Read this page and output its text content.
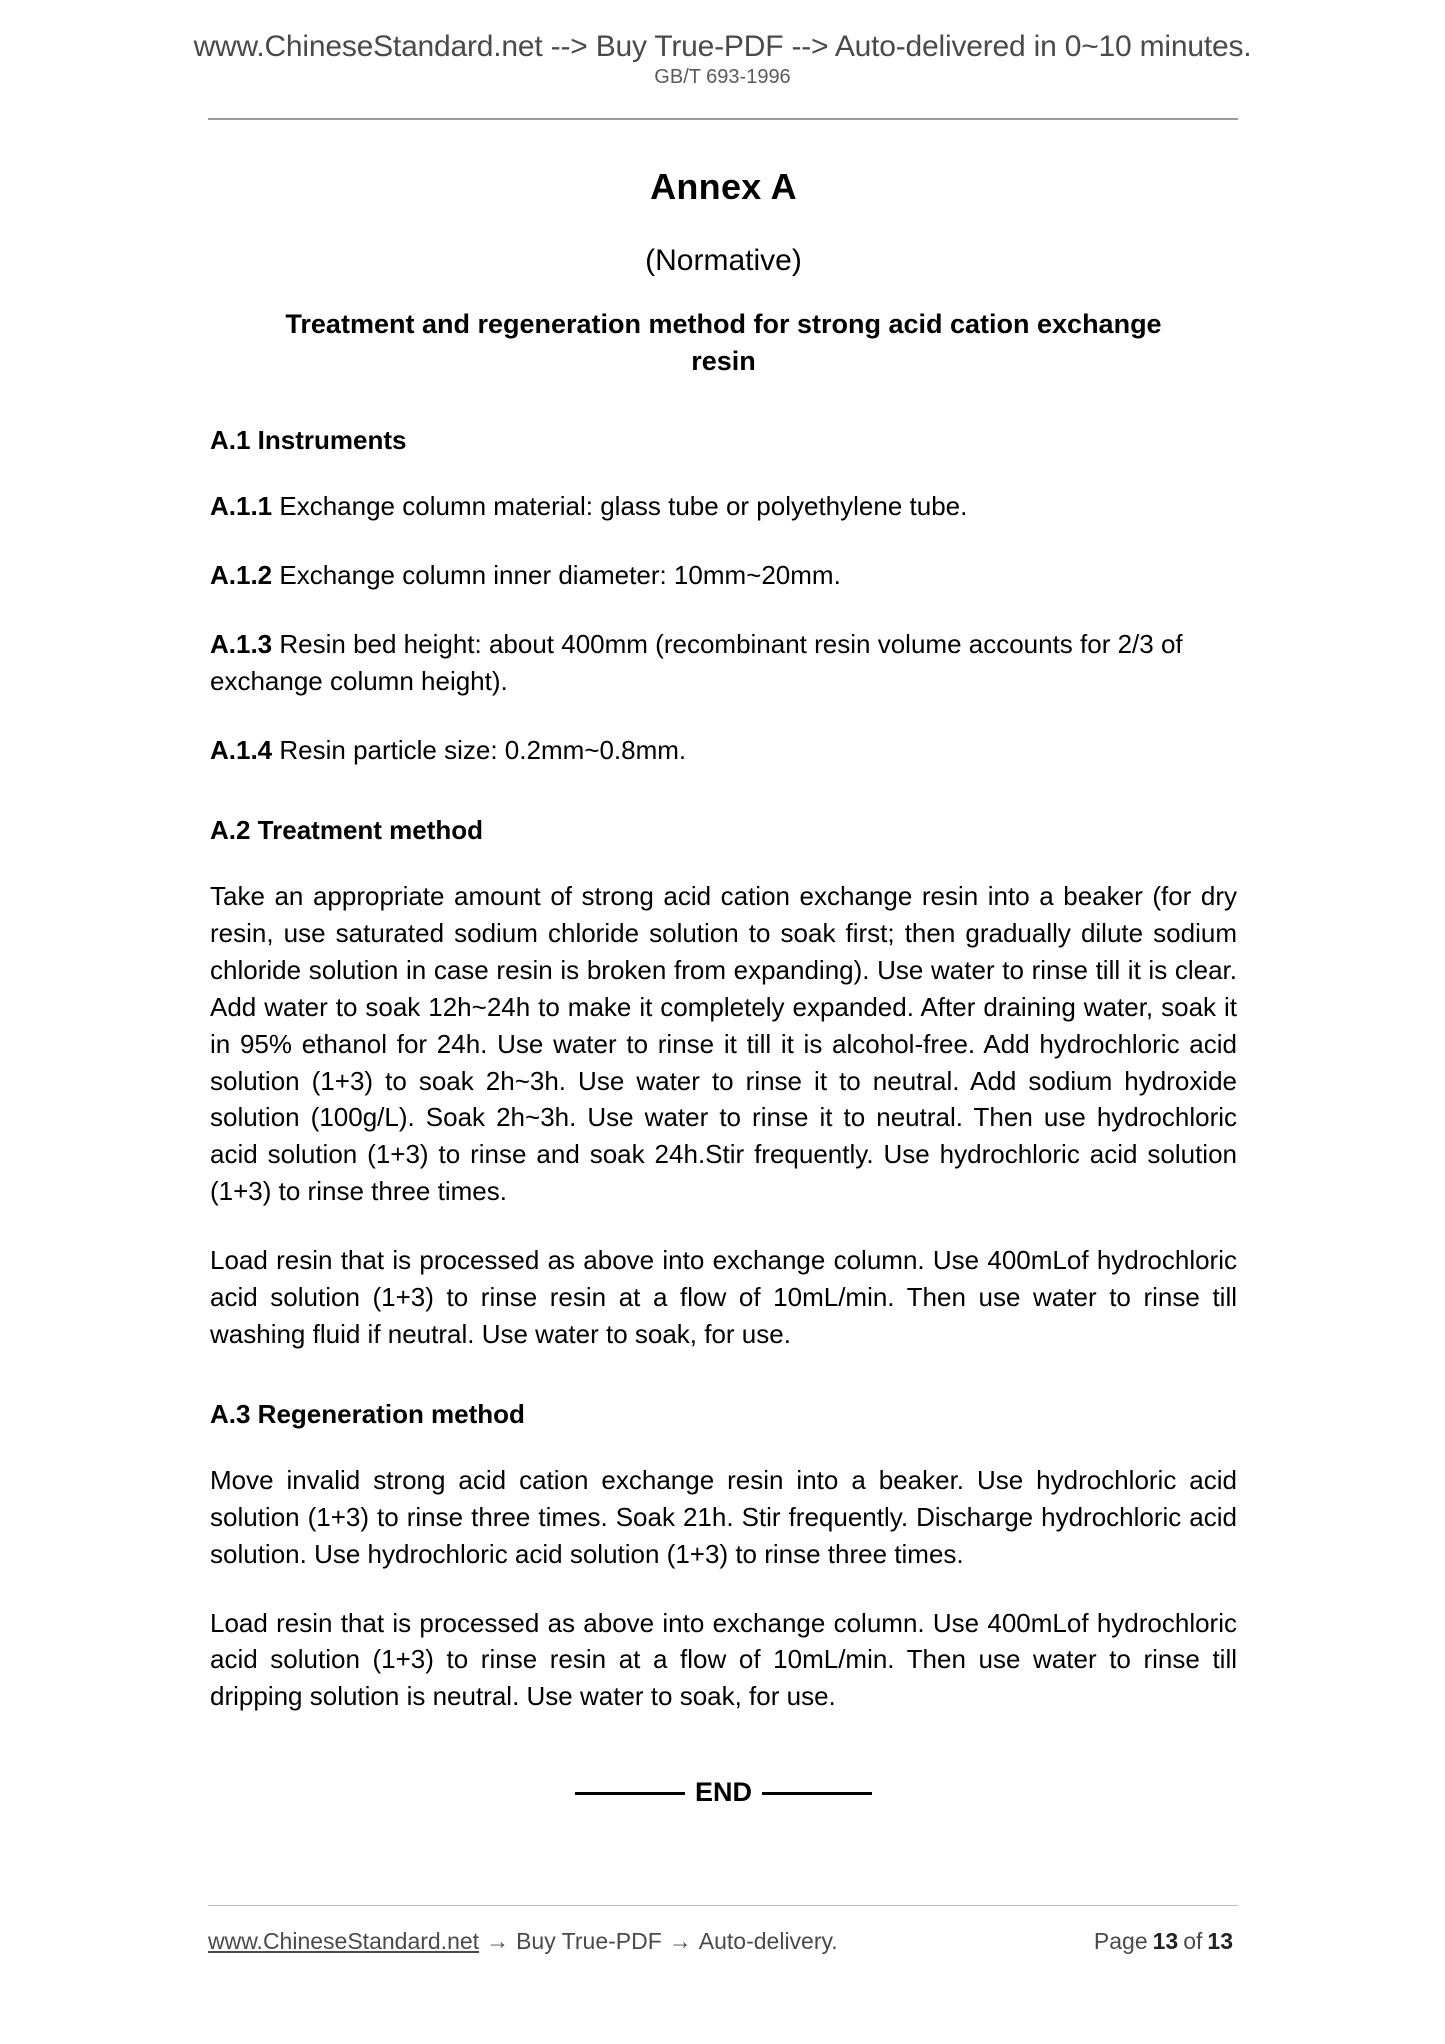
www.ChineseStandard.net --> Buy True-PDF --> Auto-delivered in 0~10 minutes.
GB/T 693-1996
Annex A
(Normative)
Treatment and regeneration method for strong acid cation exchange resin
A.1 Instruments

A.1.1 Exchange column material: glass tube or polyethylene tube.

A.1.2 Exchange column inner diameter: 10mm~20mm.

A.1.3 Resin bed height: about 400mm (recombinant resin volume accounts for 2/3 of exchange column height).

A.1.4 Resin particle size: 0.2mm~0.8mm.

A.2 Treatment method

Take an appropriate amount of strong acid cation exchange resin into a beaker (for dry resin, use saturated sodium chloride solution to soak first; then gradually dilute sodium chloride solution in case resin is broken from expanding). Use water to rinse till it is clear. Add water to soak 12h~24h to make it completely expanded. After draining water, soak it in 95% ethanol for 24h. Use water to rinse it till it is alcohol-free. Add hydrochloric acid solution (1+3) to soak 2h~3h. Use water to rinse it to neutral. Add sodium hydroxide solution (100g/L). Soak 2h~3h. Use water to rinse it to neutral. Then use hydrochloric acid solution (1+3) to rinse and soak 24h.Stir frequently. Use hydrochloric acid solution (1+3) to rinse three times.

Load resin that is processed as above into exchange column. Use 400mLof hydrochloric acid solution (1+3) to rinse resin at a flow of 10mL/min. Then use water to rinse till washing fluid if neutral. Use water to soak, for use.

A.3 Regeneration method

Move invalid strong acid cation exchange resin into a beaker. Use hydrochloric acid solution (1+3) to rinse three times. Soak 21h. Stir frequently. Discharge hydrochloric acid solution. Use hydrochloric acid solution (1+3) to rinse three times.

Load resin that is processed as above into exchange column. Use 400mLof hydrochloric acid solution (1+3) to rinse resin at a flow of 10mL/min. Then use water to rinse till dripping solution is neutral. Use water to soak, for use.

END
www.ChineseStandard.net → Buy True-PDF → Auto-delivery.	Page 13 of 13
